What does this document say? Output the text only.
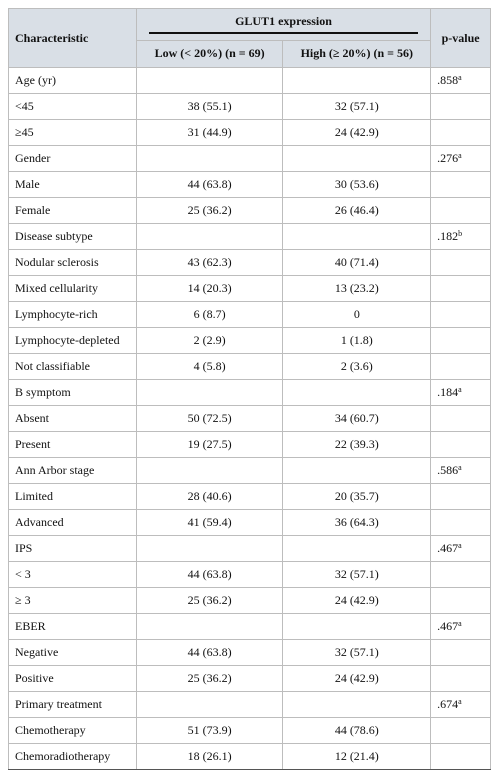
Characteristic	GLUT1 expression		p-value
	Low (< 20%) (n = 69)	High (≥ 20%) (n = 56)	
Age (yr)			.858$^a$
<45	38 (55.1)	32 (57.1)	
≥45	31 (44.9)	24 (42.9)	
Gender			.276$^a$
Male	44 (63.8)	30 (53.6)	
Female	25 (36.2)	26 (46.4)	
Disease subtype			.182$^b$
Nodular sclerosis	43 (62.3)	40 (71.4)	
Mixed cellularity	14 (20.3)	13 (23.2)	
Lymphocyte-rich	6 (8.7)	0	
Lymphocyte-depleted	2 (2.9)	1 (1.8)	
Not classifiable	4 (5.8)	2 (3.6)	
B symptom			.184$^a$
Absent	50 (72.5)	34 (60.7)	
Present	19 (27.5)	22 (39.3)	
Ann Arbor stage			.586$^a$
Limited	28 (40.6)	20 (35.7)	
Advanced	41 (59.4)	36 (64.3)	
IPS			.467$^a$
< 3	44 (63.8)	32 (57.1)	
≥ 3	25 (36.2)	24 (42.9)	
EBER			.467$^a$
Negative	44 (63.8)	32 (57.1)	
Positive	25 (36.2)	24 (42.9)	
Primary treatment			.674$^a$
Chemotherapy	51 (73.9)	44 (78.6)	
Chemoradiotherapy	18 (26.1)	12 (21.4)	
